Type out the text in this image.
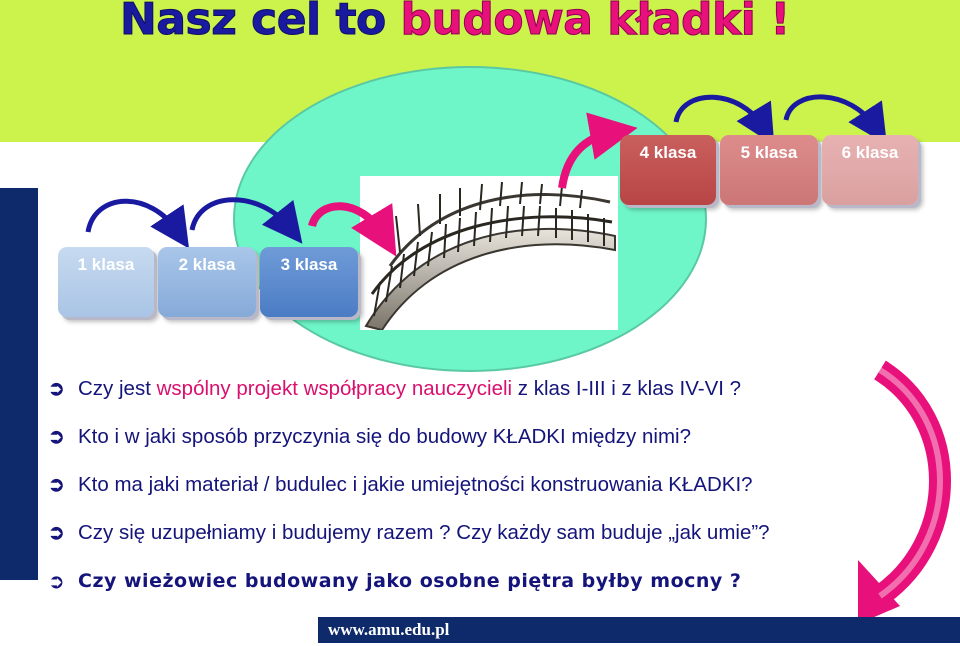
Nasz cel to budowa kładki !
1 klasa	2 klasa	3 klasa
4 klasa	5 klasa	6 klasa
➲ Czy jest wspólny projekt współpracy nauczycieli z klas I-III i z klas IV-VI ?
➲ Kto i w jaki sposób przyczynia się do budowy KŁADKI między nimi?
➲ Kto ma jaki materiał / budulec i jakie umiejętności konstruowania KŁADKI?
➲ Czy się uzupełniamy i budujemy razem ? Czy każdy sam buduje „jak umie”?
➲ Czy wieżowiec budowany jako osobne piętra byłby mocny ?
www.amu.edu.pl
